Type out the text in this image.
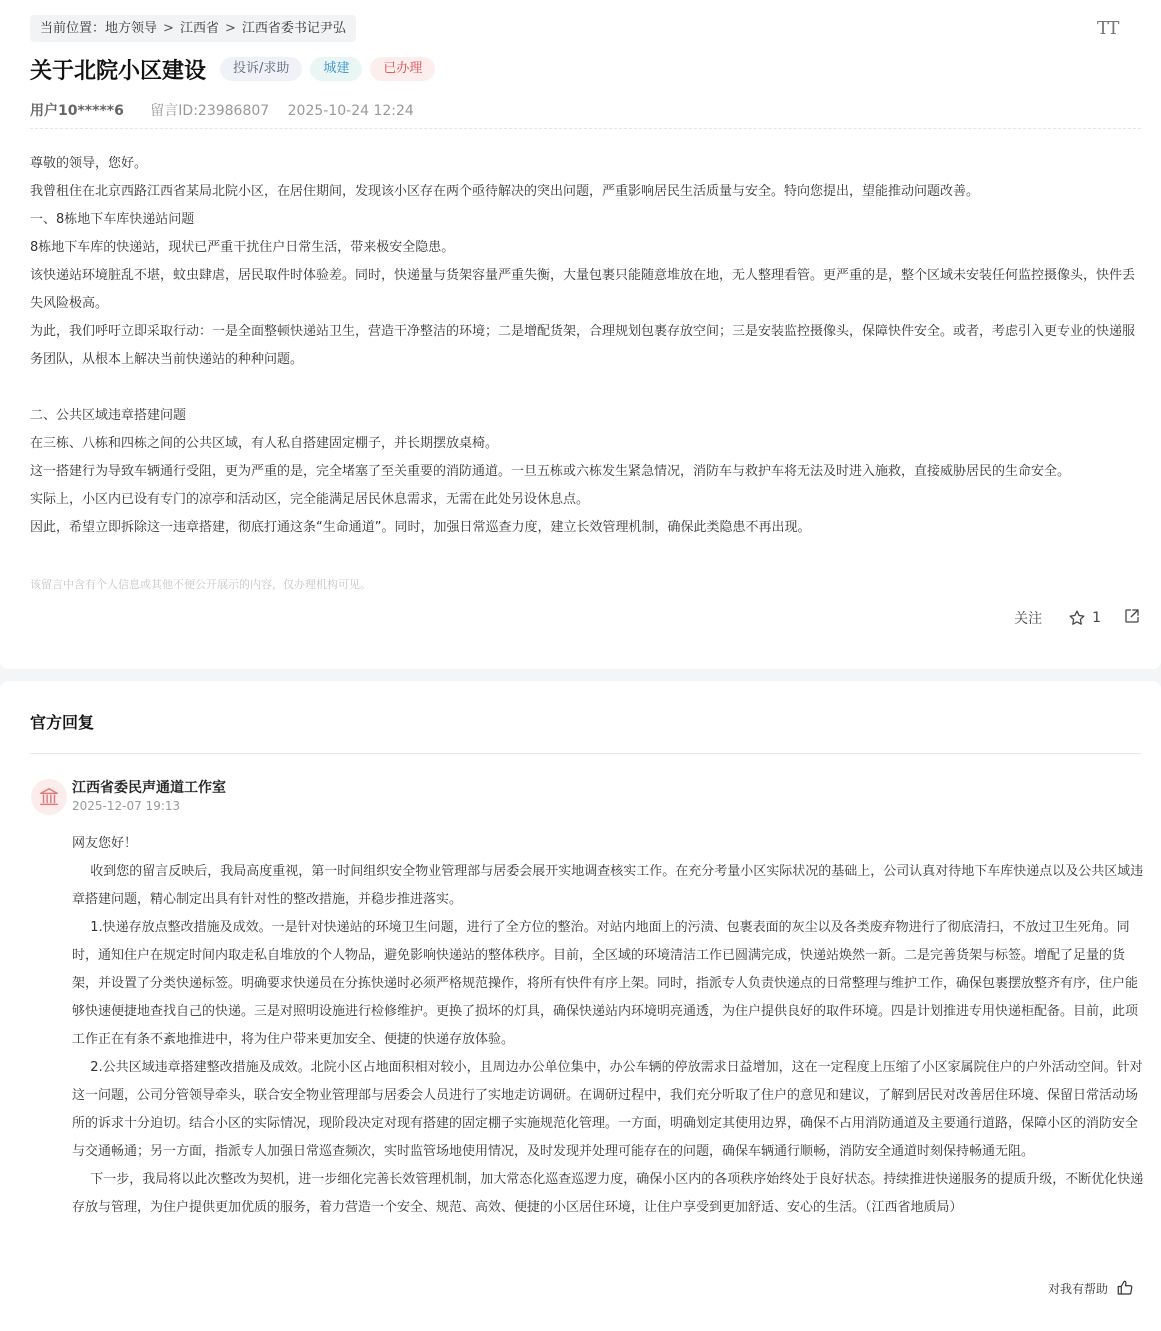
当前位置：地方领导 > 江西省 > 江西省委书记尹弘	TT
关于北院小区建设	投诉/求助	城建	已办理
用户10*****6 留言ID:23986807 2025-10-24 12:24

尊敬的领导，您好。

我曾租住在北京西路江西省某局北院小区，在居住期间，发现该小区存在两个亟待解决的突出问题，严重影响居民生活质量与安全。特向您提出，望能推动问题改善。

一、8栋地下车库快递站问题

8栋地下车库的快递站，现状已严重干扰住户日常生活，带来极安全隐患。

该快递站环境脏乱不堪，蚊虫肆虐，居民取件时体验差。同时，快递量与货架容量严重失衡，大量包裹只能随意堆放在地，无人整理看管。更严重的是，整个区域未安装任何监控摄像头，快件丢失风险极高。

为此，我们呼吁立即采取行动：一是全面整顿快递站卫生，营造干净整洁的环境；二是增配货架，合理规划包裹存放空间；三是安装监控摄像头，保障快件安全。或者，考虑引入更专业的快递服务团队，从根本上解决当前快递站的种种问题。

二、公共区域违章搭建问题

在三栋、八栋和四栋之间的公共区域，有人私自搭建固定棚子，并长期摆放桌椅。

这一搭建行为导致车辆通行受阻，更为严重的是，完全堵塞了至关重要的消防通道。一旦五栋或六栋发生紧急情况，消防车与救护车将无法及时进入施救，直接威胁居民的生命安全。

实际上，小区内已设有专门的凉亭和活动区，完全能满足居民休息需求，无需在此处另设休息点。

因此，希望立即拆除这一违章搭建，彻底打通这条“生命通道”。同时，加强日常巡查力度，建立长效管理机制，确保此类隐患不再出现。

该留言中含有个人信息或其他不便公开展示的内容，仅办理机构可见。
关注	1
官方回复
江西省委民声通道工作室
2025-12-07 19:13

网友您好！

收到您的留言反映后，我局高度重视，第一时间组织安全物业管理部与居委会展开实地调查核实工作。在充分考量小区实际状况的基础上，公司认真对待地下车库快递点以及公共区域违章搭建问题，精心制定出具有针对性的整改措施，并稳步推进落实。

1.快递存放点整改措施及成效。一是针对快递站的环境卫生问题，进行了全方位的整治。对站内地面上的污渍、包裹表面的灰尘以及各类废弃物进行了彻底清扫，不放过卫生死角。同时，通知住户在规定时间内取走私自堆放的个人物品，避免影响快递站的整体秩序。目前，全区域的环境清洁工作已圆满完成，快递站焕然一新。二是完善货架与标签。增配了足量的货架，并设置了分类快递标签。明确要求快递员在分拣快递时必须严格规范操作，将所有快件有序上架。同时，指派专人负责快递点的日常整理与维护工作，确保包裹摆放整齐有序，住户能够快速便捷地查找自己的快递。三是对照明设施进行检修维护。更换了损坏的灯具，确保快递站内环境明亮通透，为住户提供良好的取件环境。四是计划推进专用快递柜配备。目前，此项工作正在有条不紊地推进中，将为住户带来更加安全、便捷的快递存放体验。

2.公共区域违章搭建整改措施及成效。北院小区占地面积相对较小，且周边办公单位集中，办公车辆的停放需求日益增加，这在一定程度上压缩了小区家属院住户的户外活动空间。针对这一问题，公司分管领导牵头，联合安全物业管理部与居委会人员进行了实地走访调研。在调研过程中，我们充分听取了住户的意见和建议，了解到居民对改善居住环境、保留日常活动场所的诉求十分迫切。结合小区的实际情况，现阶段决定对现有搭建的固定棚子实施规范化管理。一方面，明确划定其使用边界，确保不占用消防通道及主要通行道路，保障小区的消防安全与交通畅通；另一方面，指派专人加强日常巡查频次，实时监管场地使用情况，及时发现并处理可能存在的问题，确保车辆通行顺畅，消防安全通道时刻保持畅通无阻。

下一步，我局将以此次整改为契机，进一步细化完善长效管理机制，加大常态化巡查巡逻力度，确保小区内的各项秩序始终处于良好状态。持续推进快递服务的提质升级，不断优化快递存放与管理，为住户提供更加优质的服务，着力营造一个安全、规范、高效、便捷的小区居住环境，让住户享受到更加舒适、安心的生活。（江西省地质局）

对我有帮助
